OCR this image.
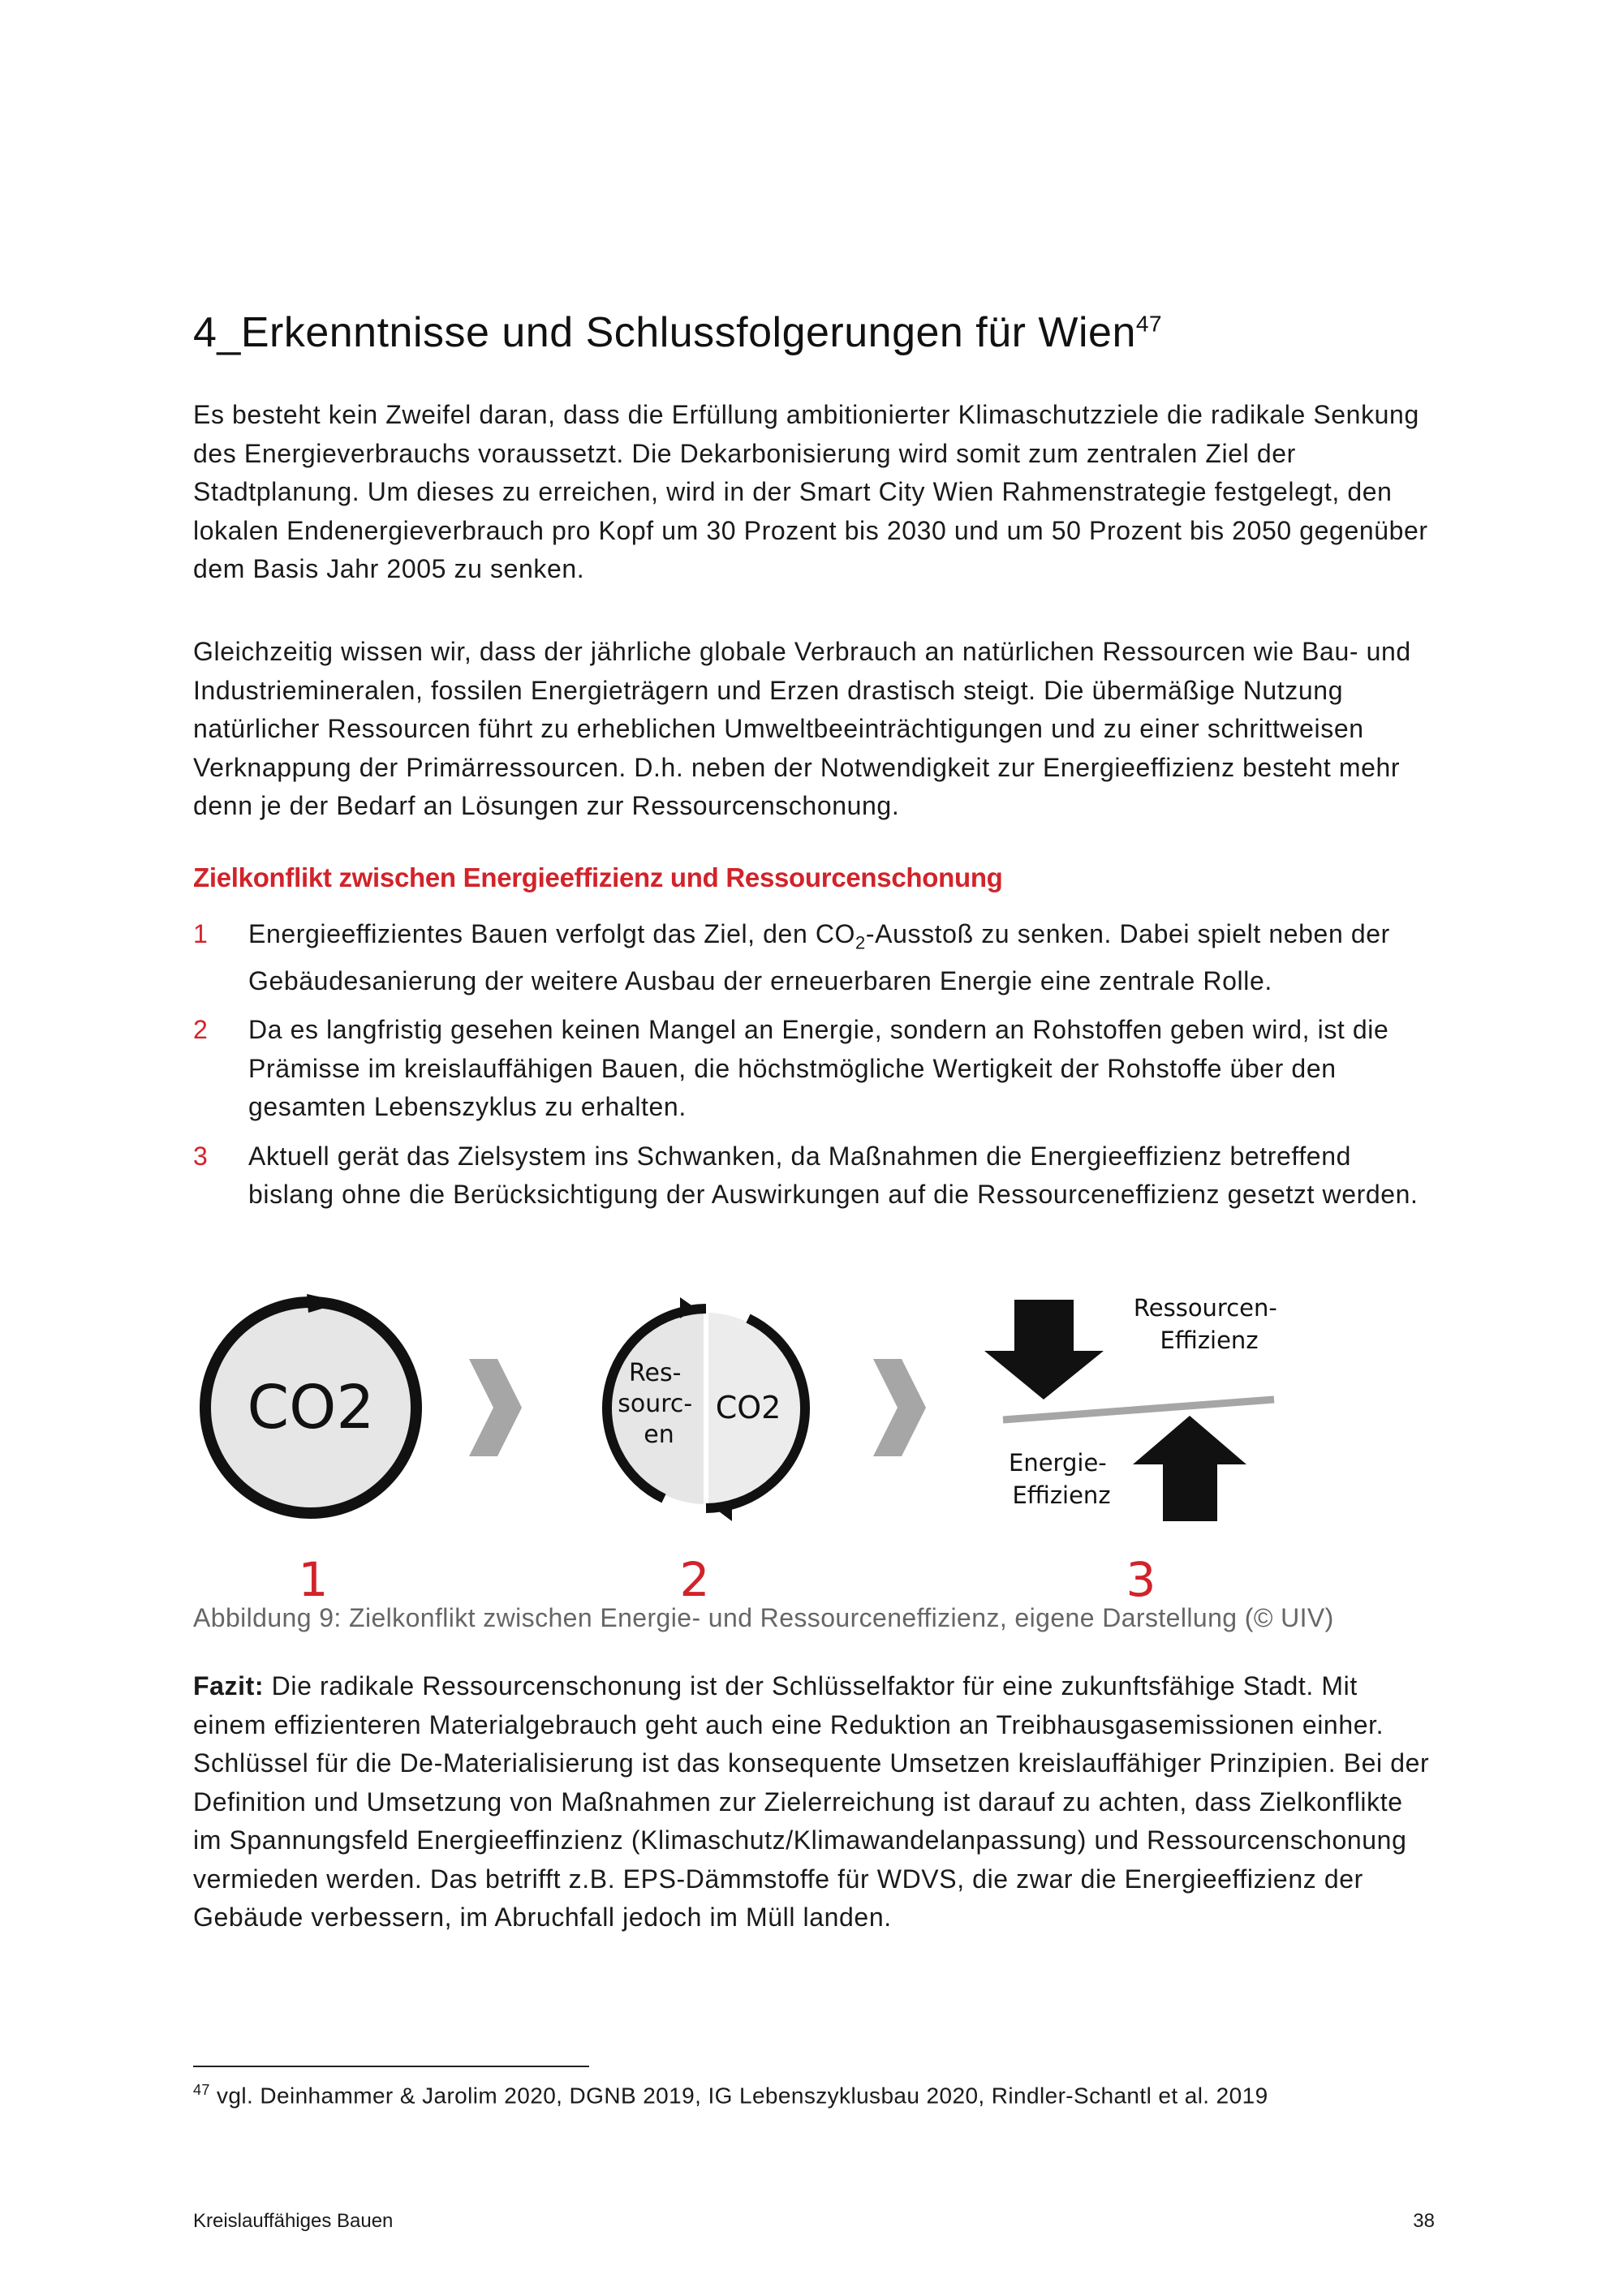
4_Erkenntnisse und Schlussfolgerungen für Wien$^{47}$

Es besteht kein Zweifel daran, dass die Erfüllung ambitionierter Klimaschutzziele die radikale Senkung des Energieverbrauchs voraussetzt. Die Dekarbonisierung wird somit zum zentralen Ziel der Stadtplanung. Um dieses zu erreichen, wird in der Smart City Wien Rahmenstrategie festgelegt, den lokalen Endenergieverbrauch pro Kopf um 30 Prozent bis 2030 und um 50 Prozent bis 2050 gegenüber dem Basis Jahr 2005 zu senken.

Gleichzeitig wissen wir, dass der jährliche globale Verbrauch an natürlichen Ressourcen wie Bau- und Industriemineralen, fossilen Energieträgern und Erzen drastisch steigt. Die übermäßige Nutzung natürlicher Ressourcen führt zu erheblichen Umweltbeeinträchtigungen und zu einer schrittweisen Verknappung der Primärressourcen. D.h. neben der Notwendigkeit zur Energieeffizienz besteht mehr denn je der Bedarf an Lösungen zur Ressourcenschonung.

Zielkonflikt zwischen Energieeffizienz und Ressourcenschonung

1	Energieeffizientes Bauen verfolgt das Ziel, den $CO_2$-Ausstoß zu senken. Dabei spielt neben der Gebäudesanierung der weitere Ausbau der erneuerbaren Energie eine zentrale Rolle.
2	Da es langfristig gesehen keinen Mangel an Energie, sondern an Rohstoffen geben wird, ist die Prämisse im kreislauffähigen Bauen, die höchstmögliche Wertigkeit der Rohstoffe über den gesamten Lebenszyklus zu erhalten.
3	Aktuell gerät das Zielsystem ins Schwanken, da Maßnahmen die Energieeffizienz betreffend bislang ohne die Berücksichtigung der Auswirkungen auf die Ressourceneffizienz gesetzt werden.
CO2	Res- sourc- en
CO2
Ressourcen- Effizienz
Energie- Effizienz
1	2	3

Abbildung 9: Zielkonflikt zwischen Energie- und Ressourceneffizienz, eigene Darstellung (© UIV)

Fazit: Die radikale Ressourcenschonung ist der Schlüsselfaktor für eine zukunftsfähige Stadt. Mit einem effizienteren Materialgebrauch geht auch eine Reduktion an Treibhausgasemissionen einher. Schlüssel für die De-Materialisierung ist das konsequente Umsetzen kreislauffähiger Prinzipien. Bei der Definition und Umsetzung von Maßnahmen zur Zielerreichung ist darauf zu achten, dass Zielkonflikte im Spannungsfeld Energieeffinzienz (Klimaschutz/Klimawandelanpassung) und Ressourcenschonung vermieden werden. Das betrifft z.B. EPS-Dämmstoffe für WDVS, die zwar die Energieeffizienz der Gebäude verbessern, im Abruchfall jedoch im Müll landen.

$^{47}$ vgl. Deinhammer & Jarolim 2020, DGNB 2019, IG Lebenszyklusbau 2020, Rindler-Schantl et al. 2019

Kreislauffähiges Bauen	38
